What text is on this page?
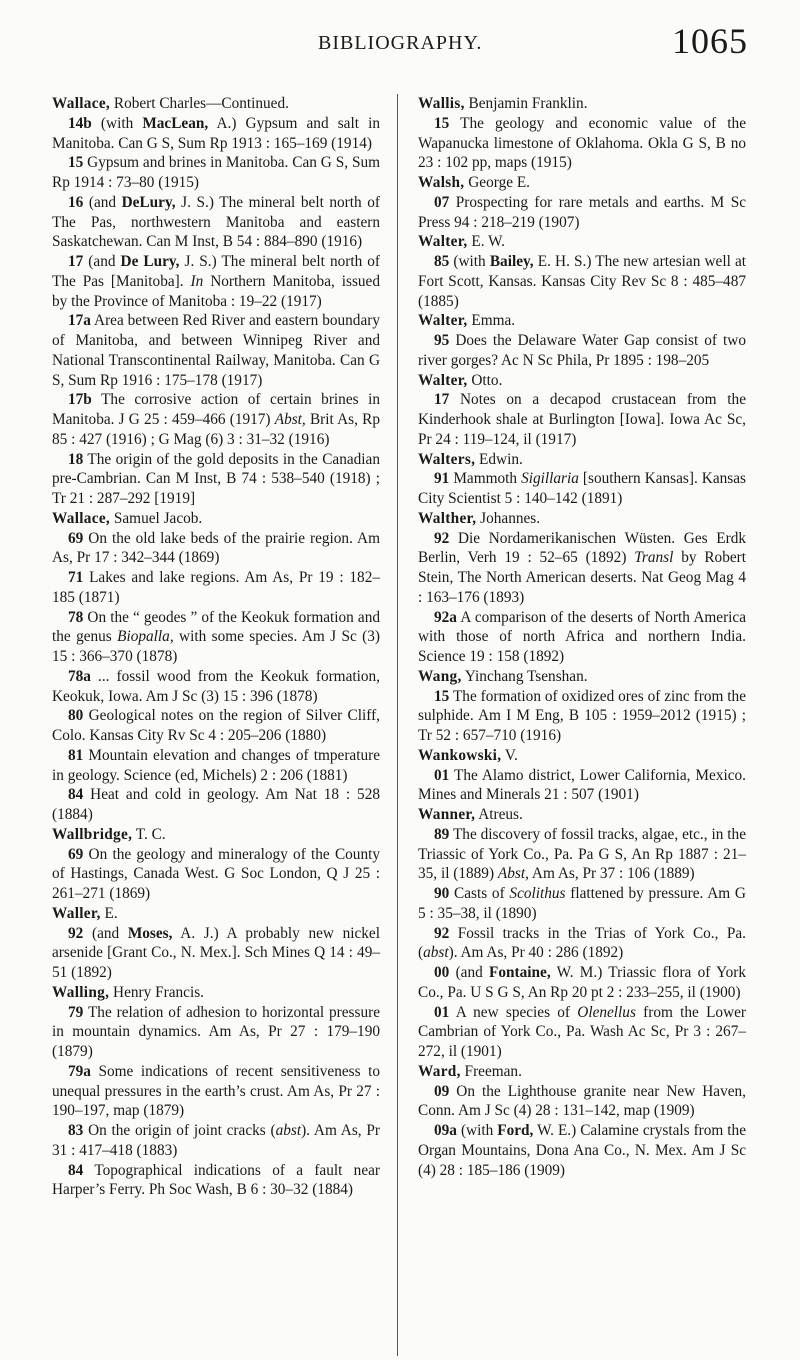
BIBLIOGRAPHY.	1065

Wallace, Robert Charles—Continued.

14b (with MacLean, A.) Gypsum and salt in Manitoba. Can G S, Sum Rp 1913 : 165–169 (1914)

15 Gypsum and brines in Manitoba. Can G S, Sum Rp 1914 : 73–80 (1915)

16 (and DeLury, J. S.) The mineral belt north of The Pas, northwestern Manitoba and eastern Saskatchewan. Can M Inst, B 54 : 884–890 (1916)

17 (and De Lury, J. S.) The mineral belt north of The Pas [Manitoba]. In Northern Manitoba, issued by the Province of Manitoba : 19–22 (1917)

17a Area between Red River and eastern boundary of Manitoba, and between Winnipeg River and National Transcontinental Railway, Manitoba. Can G S, Sum Rp 1916 : 175–178 (1917)

17b The corrosive action of certain brines in Manitoba. J G 25 : 459–466 (1917) Abst, Brit As, Rp 85 : 427 (1916) ; G Mag (6) 3 : 31–32 (1916)

18 The origin of the gold deposits in the Canadian pre-Cambrian. Can M Inst, B 74 : 538–540 (1918) ; Tr 21 : 287–292 [1919]

Wallace, Samuel Jacob.

69 On the old lake beds of the prairie region. Am As, Pr 17 : 342–344 (1869)

71 Lakes and lake regions. Am As, Pr 19 : 182–185 (1871)

78 On the “ geodes ” of the Keokuk formation and the genus Biopalla, with some species. Am J Sc (3) 15 : 366–370 (1878)

78a ... fossil wood from the Keokuk formation, Keokuk, Iowa. Am J Sc (3) 15 : 396 (1878)

80 Geological notes on the region of Silver Cliff, Colo. Kansas City Rv Sc 4 : 205–206 (1880)

81 Mountain elevation and changes of tmperature in geology. Science (ed, Michels) 2 : 206 (1881)

84 Heat and cold in geology. Am Nat 18 : 528 (1884)

Wallbridge, T. C.

69 On the geology and mineralogy of the County of Hastings, Canada West. G Soc London, Q J 25 : 261–271 (1869)

Waller, E.

92 (and Moses, A. J.) A probably new nickel arsenide [Grant Co., N. Mex.]. Sch Mines Q 14 : 49–51 (1892)

Walling, Henry Francis.

79 The relation of adhesion to horizontal pressure in mountain dynamics. Am As, Pr 27 : 179–190 (1879)

79a Some indications of recent sensitiveness to unequal pressures in the earth’s crust. Am As, Pr 27 : 190–197, map (1879)

83 On the origin of joint cracks (abst). Am As, Pr 31 : 417–418 (1883)

84 Topographical indications of a fault near Harper’s Ferry. Ph Soc Wash, B 6 : 30–32 (1884)

Wallis, Benjamin Franklin.

15 The geology and economic value of the Wapanucka limestone of Oklahoma. Okla G S, B no 23 : 102 pp, maps (1915)

Walsh, George E.

07 Prospecting for rare metals and earths. M Sc Press 94 : 218–219 (1907)

Walter, E. W.

85 (with Bailey, E. H. S.) The new artesian well at Fort Scott, Kansas. Kansas City Rev Sc 8 : 485–487 (1885)

Walter, Emma.

95 Does the Delaware Water Gap consist of two river gorges? Ac N Sc Phila, Pr 1895 : 198–205

Walter, Otto.

17 Notes on a decapod crustacean from the Kinderhook shale at Burlington [Iowa]. Iowa Ac Sc, Pr 24 : 119–124, il (1917)

Walters, Edwin.

91 Mammoth Sigillaria [southern Kansas]. Kansas City Scientist 5 : 140–142 (1891)

Walther, Johannes.

92 Die Nordamerikanischen Wüsten. Ges Erdk Berlin, Verh 19 : 52–65 (1892) Transl by Robert Stein, The North American deserts. Nat Geog Mag 4 : 163–176 (1893)

92a A comparison of the deserts of North America with those of north Africa and northern India. Science 19 : 158 (1892)

Wang, Yinchang Tsenshan.

15 The formation of oxidized ores of zinc from the sulphide. Am I M Eng, B 105 : 1959–2012 (1915) ; Tr 52 : 657–710 (1916)

Wankowski, V.

01 The Alamo district, Lower California, Mexico. Mines and Minerals 21 : 507 (1901)

Wanner, Atreus.

89 The discovery of fossil tracks, algae, etc., in the Triassic of York Co., Pa. Pa G S, An Rp 1887 : 21–35, il (1889) Abst, Am As, Pr 37 : 106 (1889)

90 Casts of Scolithus flattened by pressure. Am G 5 : 35–38, il (1890)

92 Fossil tracks in the Trias of York Co., Pa. (abst). Am As, Pr 40 : 286 (1892)

00 (and Fontaine, W. M.) Triassic flora of York Co., Pa. U S G S, An Rp 20 pt 2 : 233–255, il (1900)

01 A new species of Olenellus from the Lower Cambrian of York Co., Pa. Wash Ac Sc, Pr 3 : 267–272, il (1901)

Ward, Freeman.

09 On the Lighthouse granite near New Haven, Conn. Am J Sc (4) 28 : 131–142, map (1909)

09a (with Ford, W. E.) Calamine crystals from the Organ Mountains, Dona Ana Co., N. Mex. Am J Sc (4) 28 : 185–186 (1909)
